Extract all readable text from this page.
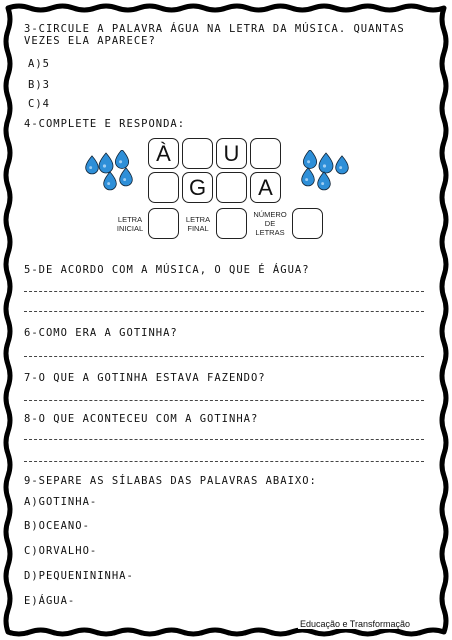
3-CIRCULE A PALAVRA ÁGUA NA LETRA DA MÚSICA. QUANTAS VEZES ELA APARECE?
A)5
B)3
C)4
4-COMPLETE E RESPONDA:
À	U
G	A
LETRA
INICIAL
LETRA
FINAL
NÚMERO
DE
LETRAS
5-DE ACORDO COM A MÚSICA, O QUE É ÁGUA?
6-COMO ERA A GOTINHA?
7-O QUE A GOTINHA ESTAVA FAZENDO?
8-O QUE ACONTECEU COM A GOTINHA?
9-SEPARE AS SÍLABAS DAS PALAVRAS ABAIXO:
A)GOTINHA-
B)OCEANO-
C)ORVALHO-
D)PEQUENININHA-
E)ÁGUA-
Educação e Transformação
